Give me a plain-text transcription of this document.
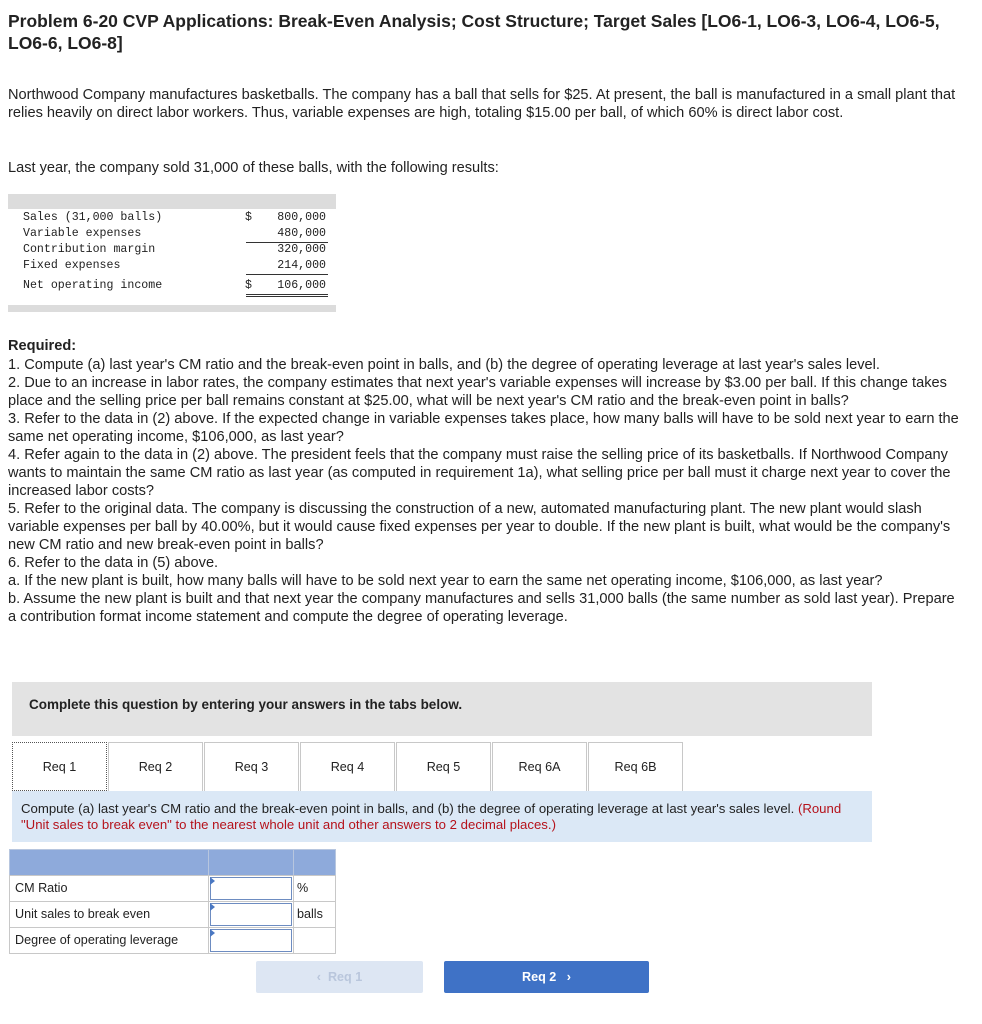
Problem 6-20 CVP Applications: Break-Even Analysis; Cost Structure; Target Sales [LO6-1, LO6-3, LO6-4, LO6-5, LO6-6, LO6-8]
Northwood Company manufactures basketballs. The company has a ball that sells for $25. At present, the ball is manufactured in a small plant that relies heavily on direct labor workers. Thus, variable expenses are high, totaling $15.00 per ball, of which 60% is direct labor cost.
Last year, the company sold 31,000 of these balls, with the following results:
Sales (31,000 balls)	$	800,000
Variable expenses	480,000
Contribution margin	320,000
Fixed expenses	214,000
Net operating income	$	106,000
Required:
1. Compute (a) last year's CM ratio and the break-even point in balls, and (b) the degree of operating leverage at last year's sales level.
2. Due to an increase in labor rates, the company estimates that next year's variable expenses will increase by $3.00 per ball. If this change takes place and the selling price per ball remains constant at $25.00, what will be next year's CM ratio and the break-even point in balls?
3. Refer to the data in (2) above. If the expected change in variable expenses takes place, how many balls will have to be sold next year to earn the same net operating income, $106,000, as last year?
4. Refer again to the data in (2) above. The president feels that the company must raise the selling price of its basketballs. If Northwood Company wants to maintain the same CM ratio as last year (as computed in requirement 1a), what selling price per ball must it charge next year to cover the increased labor costs?
5. Refer to the original data. The company is discussing the construction of a new, automated manufacturing plant. The new plant would slash variable expenses per ball by 40.00%, but it would cause fixed expenses per year to double. If the new plant is built, what would be the company's new CM ratio and new break-even point in balls?
6. Refer to the data in (5) above.
a. If the new plant is built, how many balls will have to be sold next year to earn the same net operating income, $106,000, as last year?
b. Assume the new plant is built and that next year the company manufactures and sells 31,000 balls (the same number as sold last year). Prepare a contribution format income statement and compute the degree of operating leverage.
Complete this question by entering your answers in the tabs below.
Req 1	Req 2	Req 3	Req 4	Req 5	Req 6A	Req 6B

Compute (a) last year's CM ratio and the break-even point in balls, and (b) the degree of operating leverage at last year's sales level. (Round "Unit sales to break even" to the nearest whole unit and other answers to 2 decimal places.)

CM Ratio	%
Unit sales to break even	balls
Degree of operating leverage
‹ Req 1	Req 2 ›
